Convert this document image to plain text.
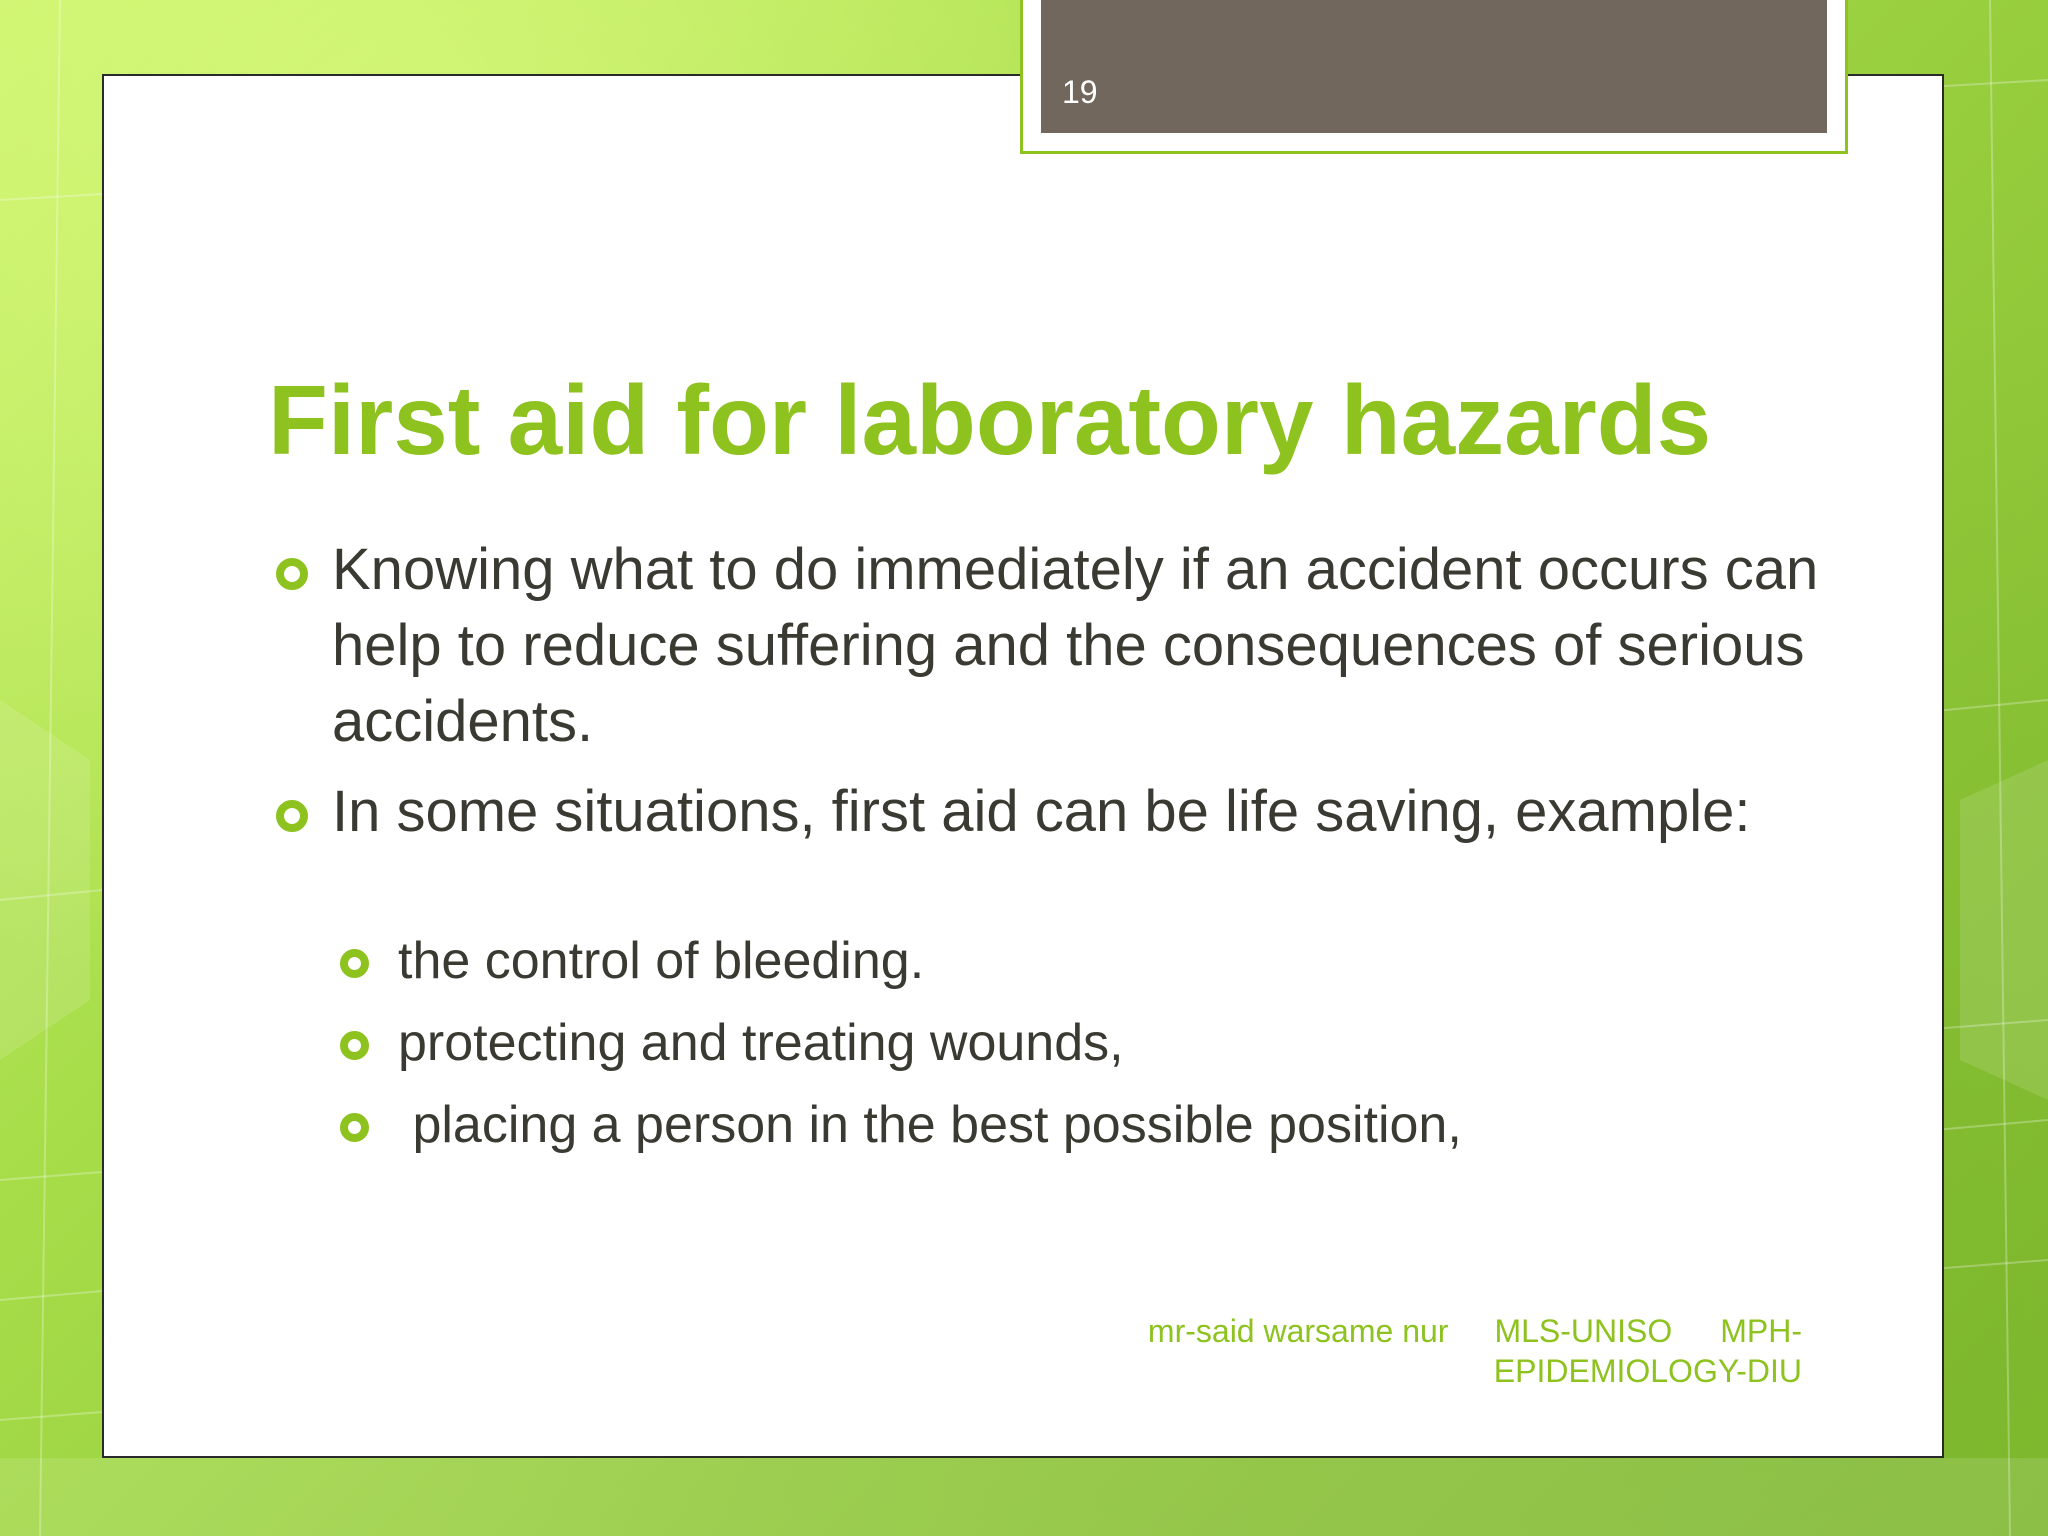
19
First aid for laboratory hazards
Knowing what to do immediately if an accident occurs can help to reduce suffering and the consequences of serious accidents.
In some situations, first aid can be life saving, example:
the control of bleeding.
protecting and treating wounds,
placing a person in the best possible position,
mr-said warsame nur MLS-UNISO MPH-
EPIDEMIOLOGY-DIU
